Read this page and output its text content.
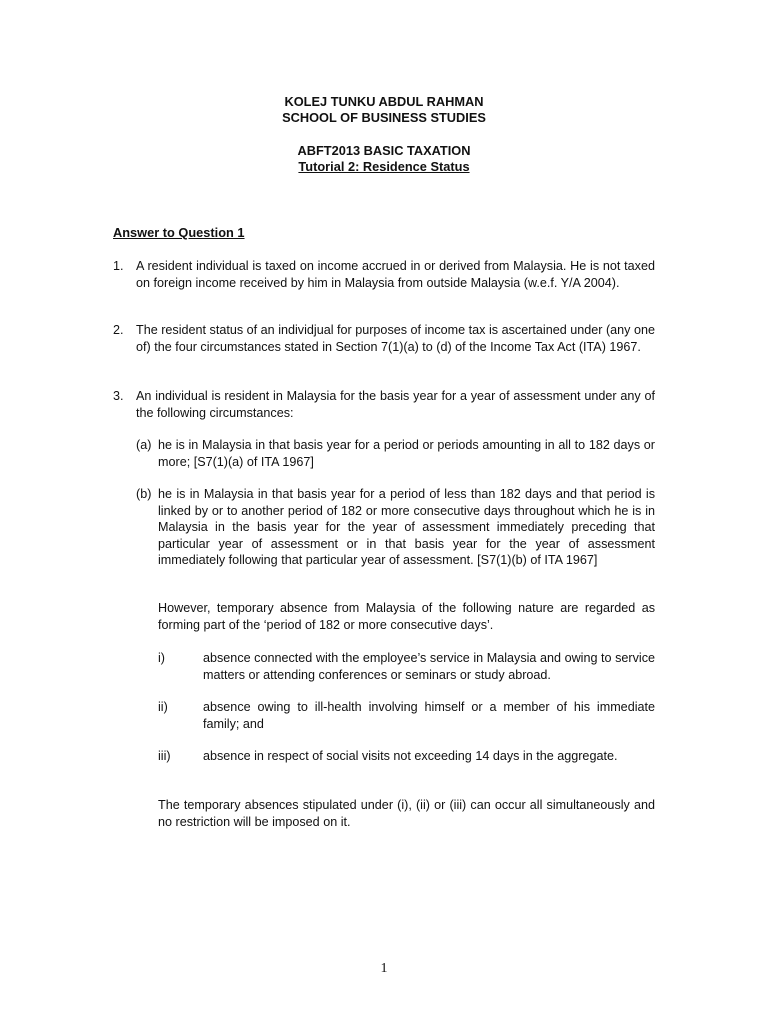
KOLEJ TUNKU ABDUL RAHMAN
SCHOOL OF BUSINESS STUDIES
ABFT2013 BASIC TAXATION
Tutorial 2: Residence Status
Answer to Question 1
1. A resident individual is taxed on income accrued in or derived from Malaysia. He is not taxed on foreign income received by him in Malaysia from outside Malaysia (w.e.f. Y/A 2004).
2. The resident status of an individjual for purposes of income tax is ascertained under (any one of) the four circumstances stated in Section 7(1)(a) to (d) of the Income Tax Act (ITA) 1967.
3. An individual is resident in Malaysia for the basis year for a year of assessment under any of the following circumstances:
(a) he is in Malaysia in that basis year for a period or periods amounting in all to 182 days or more; [S7(1)(a) of ITA 1967]
(b) he is in Malaysia in that basis year for a period of less than 182 days and that period is linked by or to another period of 182 or more consecutive days throughout which he is in Malaysia in the basis year for the year of assessment immediately preceding that particular year of assessment or in that basis year for the year of assessment immediately following that particular year of assessment. [S7(1)(b) of ITA 1967]
However, temporary absence from Malaysia of the following nature are regarded as forming part of the ‘period of 182 or more consecutive days’.
i)	absence connected with the employee’s service in Malaysia and owing to service matters or attending conferences or seminars or study abroad.
ii)	absence owing to ill-health involving himself or a member of his immediate family; and
iii)	absence in respect of social visits not exceeding 14 days in the aggregate.
The temporary absences stipulated under (i), (ii) or (iii) can occur all simultaneously and no restriction will be imposed on it.
1
